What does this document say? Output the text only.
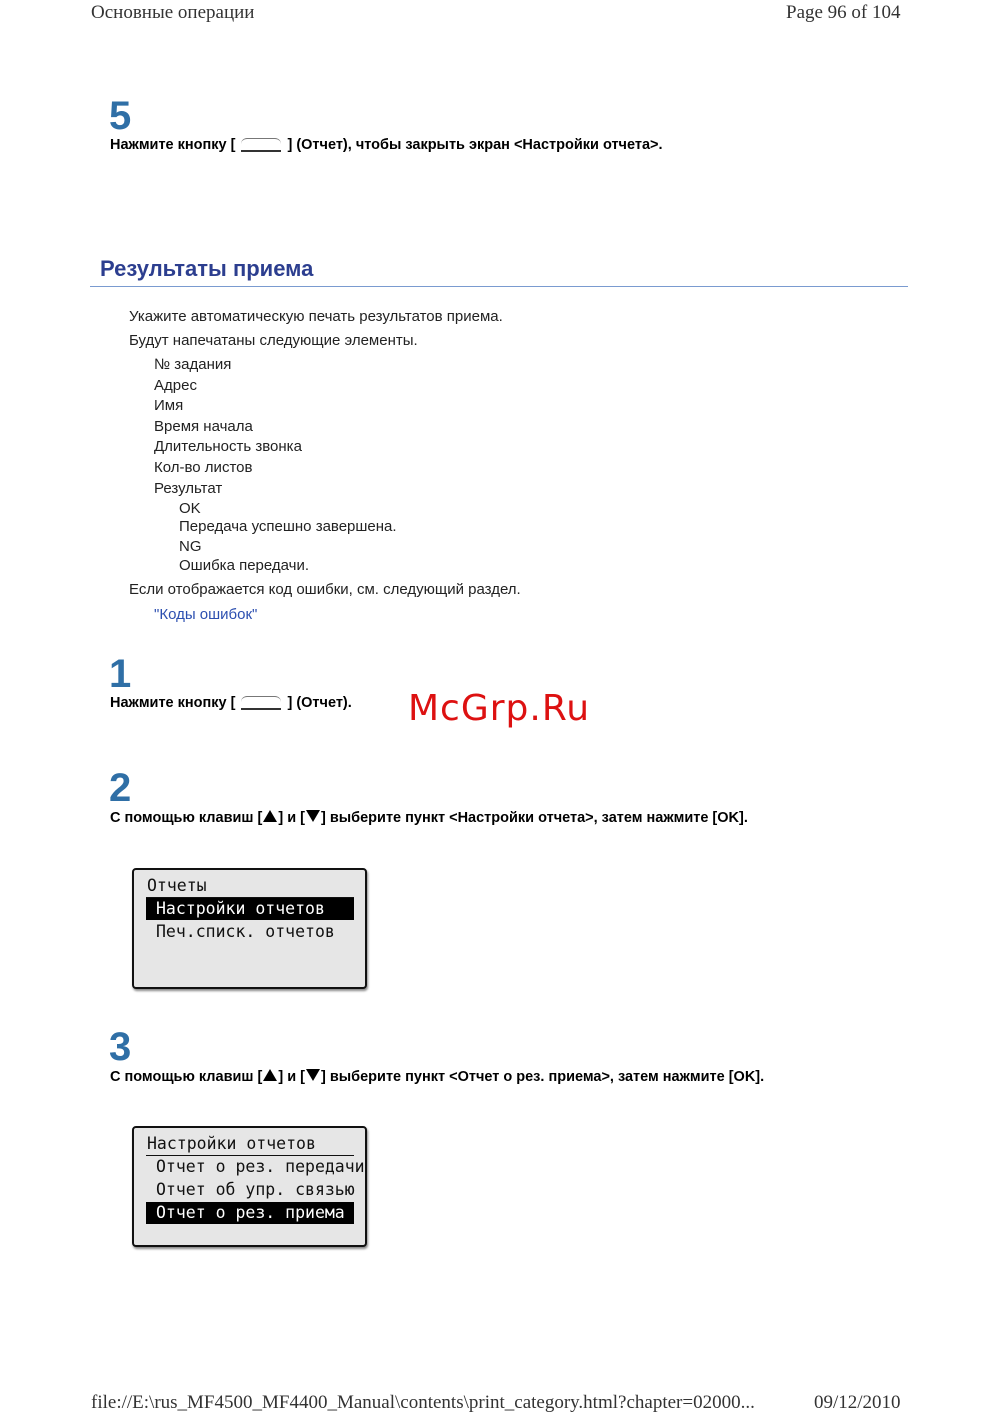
Основные операции	Page 96 of 104
5
Нажмите кнопку [	] (Отчет), чтобы закрыть экран <Настройки отчета>.
Результаты приема
Укажите автоматическую печать результатов приема.
Будут напечатаны следующие элементы.
№ задания
Адрес
Имя
Время начала
Длительность звонка
Кол-во листов
Результат
OK
Передача успешно завершена.
NG
Ошибка передачи.
Если отображается код ошибки, см. следующий раздел.
"Коды ошибок"
1
Нажмите кнопку [	] (Отчет). McGrp.Ru
2
С помощью клавиш [ ] и [ ] выберите пункт <Настройки отчета>, затем нажмите [OK].
Отчеты
Настройки отчетов
Печ.списк. отчетов
3
С помощью клавиш [ ] и [ ] выберите пункт <Отчет о рез. приема>, затем нажмите [OK].
Настройки отчетов
Отчет о рез. передачи
Отчет об упр. связью
Отчет о рез. приема
file://E:\rus_MF4500_MF4400_Manual\contents\print_category.html?chapter=02000...	09/12/2010
